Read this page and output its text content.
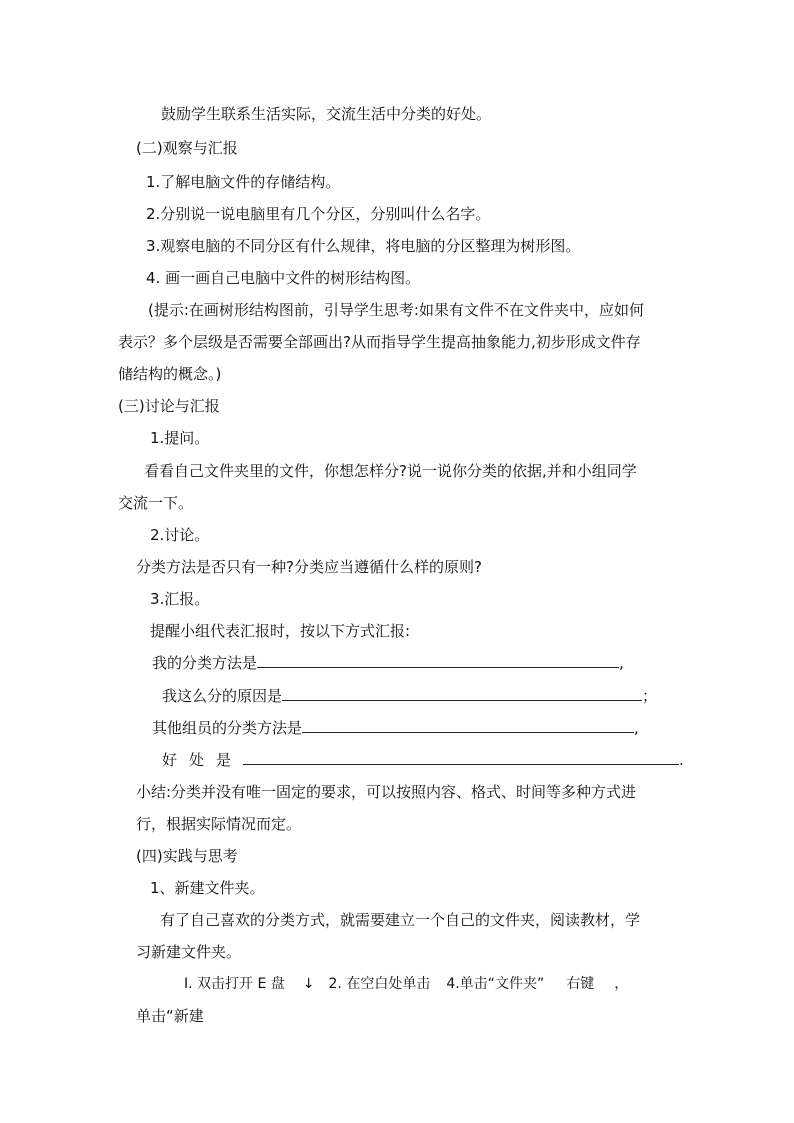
鼓励学生联系生活实际，交流生活中分类的好处。
(二)观察与汇报
1.了解电脑文件的存储结构。
2.分别说一说电脑里有几个分区，分别叫什么名字。
3.观察电脑的不同分区有什么规律，将电脑的分区整理为树形图。
4. 画一画自己电脑中文件的树形结构图。
(提示:在画树形结构图前，引导学生思考:如果有文件不在文件夹中，应如何
表示？多个层级是否需要全部画出?从而指导学生提高抽象能力,初步形成文件存
储结构的概念。)
(三)讨论与汇报
1.提问。
看看自己文件夹里的文件，你想怎样分?说一说你分类的依据,并和小组同学
交流一下。
2.讨论。
分类方法是否只有一种?分类应当遵循什么样的原则?
3.汇报。
提醒小组代表汇报时，按以下方式汇报:
我的分类方法是	,
我这么分的原因是	；
其他组员的分类方法是	,
好处是	.
小结:分类并没有唯一固定的要求，可以按照内容、格式、时间等多种方式进
行，根据实际情况而定。
(四)实践与思考
1、新建文件夹。
有了自己喜欢的分类方式，就需要建立一个自己的文件夹，阅读教材，学
习新建文件夹。
I. 双击打开 E 盘 ↓ 2. 在空白处单击 4.单击“文件夹” 右键 ，
单击“新建
